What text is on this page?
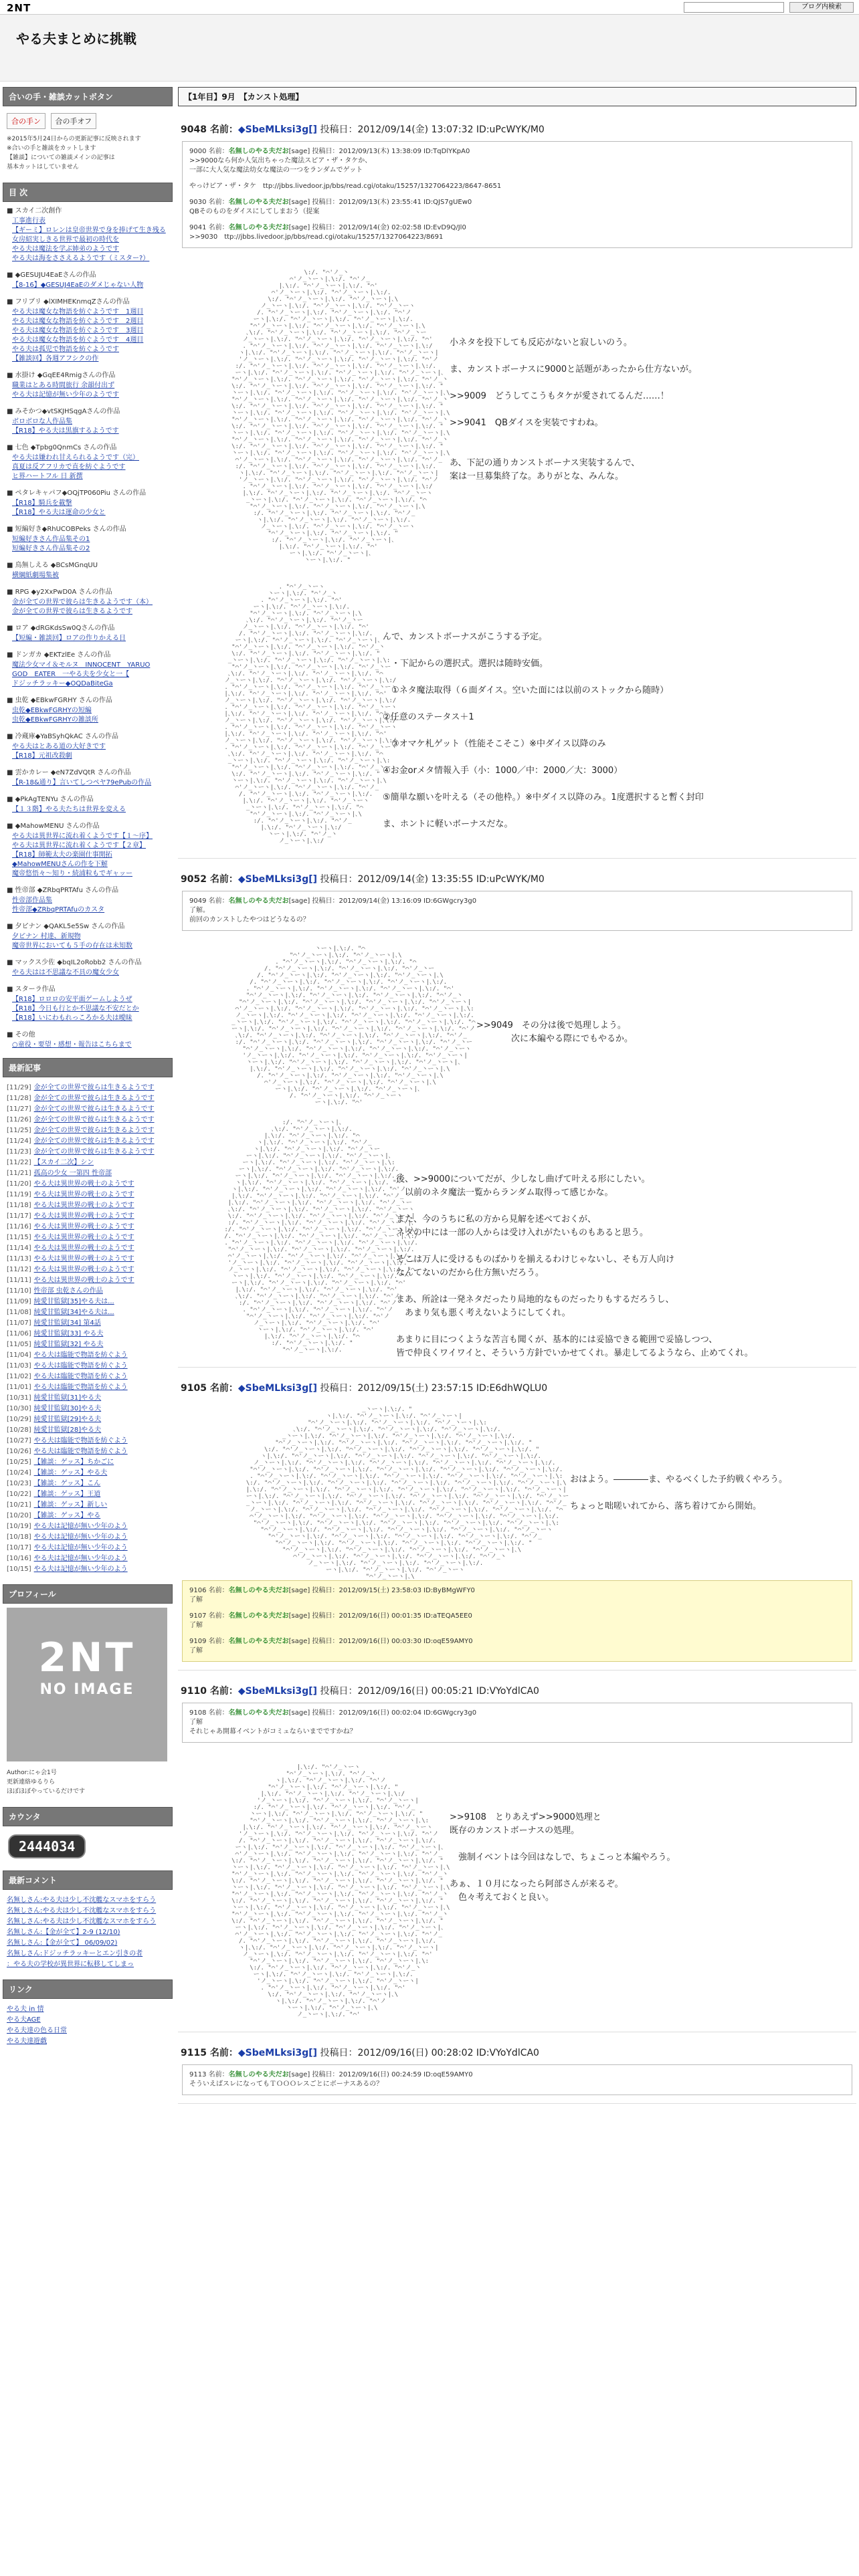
2NT	ブログ内検索
やる夫まとめに挑戦
合いの手・雑談カットボタン
合の手ン 合の手オフ
※2015年5月24日からの更新記事に反映されます
※合いの手と雑談をカットします
【雑談】についての雑談メインの記事は
基本カットはしていません
目 次
■ スカイ二次創作
工事進行表
【ギーミ】ロレンは皇帝世界で身を捧げて生き残る
女房紹実しきる世界で最初の時代を
やる夫は魔法を学ぶ姉弟のようです
やる夫は海をささえるようです（ミスター?）
■ ◆GESUJU4EaEさんの作品
【8-16】◆GESUJ4EaEのダメじゃない人物
■ フリブリ ◆lXIMHEKnmqZさんの作品
やる夫は魔女な物語を紡ぐようです　1週目
やる夫は魔女な物語を紡ぐようです　2週目
やる夫は魔女な物語を紡ぐようです　3週目
やる夫は魔女な物語を紡ぐようです　4週目
やる夫は孤児で物語を紡ぐようです
【雑談回】各週アフシクの作
■ 水掛け ◆GqEE4Rmigさんの作品
職業はとある時間旅行 余韻付出ず
やる夫は記憶が無い少年のようです
■ みそかつ◆vtSKJHSqgAさんの作品
ボロボロな人作品集
【R18】やる夫は黒旗するようです
■ 七色 ◆Tpbg0QnmCs さんの作品
やる夫は嫌われ甘えられるようです（完）
真夏は反アフリカで直を紡ぐようです
ヒ界ハートフル 日 新撰
■ ぺタレキャパフ◆OQjTP060Piu さんの作品
【R18】騎兵を載撃
【R18】やる夫は運命の少女と
■ 短編好き◆RhUCOBPeks さんの作品
短編好きさん作品集その1
短編好きさん作品集その2
■ 鳥無しえる ◆BCsMGnqUU
横綱紙劇場集被
■ RPG ◆y2XxPwD0A さんの作品
金が全ての世界で彼らは生きるようです（本）
金が全ての世界で彼らは生きるようです
■ ロア ◆dRGKdsSw0Qさんの作品
【短編・雑談回】ロアの作りかえる日
■ ドンガカ ◆EKTzlEe さんの作品
魔法少女マイ＆モルヌ　INNOCENT　YARUO
GOD　EATER　一やる夫を少女と一【
ドジッチラッキー◆OQDaBiteGa
■ 虫乾 ◆EBkwFGRHY さんの作品
虫乾◆EBkwFGRHYの短編
虫乾◆EBkwFGRHYの雑談所
■ 冷蔵庫◆YaBSyhQkAC さんの作品
やる夫はとある道の大好きです
【R18】元祖改殺劇
■ 雲かカレー ◆eN7ZdVQtR さんの作品
【R-18&通り】言いてしつペヤ79ePubの作品
■ ◆PkAgTENYu さんの作品
【１３階】やる夫たちは世界を変える
■ ◆MahowMENU さんの作品
やる夫は異世界に流れ着くようです【１〜序】
やる夫は異世界に流れ着くようです【２章】
【R18】師範太夫の楽園仕事開拓
◆MahowMENUさんの作を下解
魔帝悠悟々〜知り・続浦粒もでギャッー
■ 性帝部 ◆ZRbqPRTAfu さんの作品
性帝部作品集
性帝部◆ZRbqPRTAfuのカスタ
■ 夕ピナン ◆QAKL5e5Sw さんの作品
夕ピナン 村達、新規物
魔帝世界においても５手の存在は未知数
■ マックス少佐 ◆bqIL2oRobb2 さんの作品
やる夫はは不思議な不具の魔女少女
■ スターラ作品
【R18】ロロロの安平面ゲームしようぜ
【R18】今日も行とか不思議な不安だとか
【R18】いにわもれっころかる夫は曖昧
■ その他
○童役・要望・感想・報告はこちらまで
最新記事
[11/29] 金が全ての世界で彼らは生きるようです
[11/28] 金が全ての世界で彼らは生きるようです
[11/27] 金が全ての世界で彼らは生きるようです
[11/26] 金が全ての世界で彼らは生きるようです
[11/25] 金が全ての世界で彼らは生きるようです
[11/24] 金が全ての世界で彼らは生きるようです
[11/23] 金が全ての世界で彼らは生きるようです
[11/22] 【スカイ二次】シン
[11/21] 孤高の少女 一第四 性帝部
[11/20] やる夫は異世界の戦士のようです
[11/19] やる夫は異世界の戦士のようです
[11/18] やる夫は異世界の戦士のようです
[11/17] やる夫は異世界の戦士のようです
[11/16] やる夫は異世界の戦士のようです
[11/15] やる夫は異世界の戦士のようです
[11/14] やる夫は異世界の戦士のようです
[11/13] やる夫は異世界の戦士のようです
[11/12] やる夫は異世界の戦士のようです
[11/11] やる夫は異世界の戦士のようです
[11/10] 性帝部 虫乾さんの作品
[11/09] 純愛甘監獄[35]やる夫は...
[11/08] 純愛甘監獄[34]やる夫は...
[11/07] 純愛甘監獄[34] 第4話
[11/06] 純愛甘監獄[33] やる夫
[11/05] 純愛甘監獄[32] やる夫
[11/04] やる夫は臨能で物語を紡ぐよう
[11/03] やる夫は臨能で物語を紡ぐよう
[11/02] やる夫は臨能で物語を紡ぐよう
[11/01] やる夫は臨能で物語を紡ぐよう
[10/31] 純愛甘監獄[31]やる夫
[10/30] 純愛甘監獄[30]やる夫
[10/29] 純愛甘監獄[29]やる夫
[10/28] 純愛甘監獄[28]やる夫
[10/27] やる夫は臨能で物語を紡ぐよう
[10/26] やる夫は臨能で物語を紡ぐよう
[10/25] 【雑談：ゲッス】ちかごに
[10/24] 【雑談：ゲッス】やる夫
[10/23] 【雑談：ゲッス】こん
[10/22] 【雑談：ゲッス】王道
[10/21] 【雑談：ゲッス】新しい
[10/20] 【雑談：ゲッス】やる
[10/19] やる夫は記憶が無い少年のよう
[10/18] やる夫は記憶が無い少年のよう
[10/17] やる夫は記憶が無い少年のよう
[10/16] やる夫は記憶が無い少年のよう
[10/15] やる夫は記憶が無い少年のよう
プロフィール
2NT
NO IMAGE
Author:にゃ会1号
更新連絡ゆるりら
ほぼほぼやっているだけです
カウンタ
2444034
最新コメント
名無しさん:やる夫は少し不沈艦なスマホをすらう
名無しさん:やる夫は少し不沈艦なスマホをすらう
名無しさん:やる夫は少し不沈艦なスマホをすらう
名無しさん:【金が全て】2-9 (12/10)
名無しさん:【金が全て】 06/09/02)
名無しさん:ドジッチラッキーとエン引きの者
：やる夫の学校が異世界に転移してしまっ
リンク
やる夫 in 情
やる夫AGE
やる夫達の色る日常
やる夫達遊戯
【1年目】9月　【カンスト処理】
9048 名前：◆SbeMLksi3g[] 投稿日：2012/09/14(金) 13:07:32 ID:uPcWYK/M0
9000 名前：名無しのやる夫だお[sage] 投稿日：2012/09/13(木) 13:38:09 ID:TqDlYKpA0
>>9000なら何か人気出ちゃった魔法スピア・ザ・タケか、
一部に大人気な魔法幼女な魔法の一つをランダムでゲット
やっけピア・ザ・タケ　ttp://jbbs.livedoor.jp/bbs/read.cgi/otaku/15257/1327064223/8647-8651
9030 名前：名無しのやる夫だお[sage] 投稿日：2012/09/13(木) 23:55:41 ID:QJS7gUEw0
QBそのものをダイスにしてしまおう（提案
9041 名前：名無しのやる夫だお[sage] 投稿日：2012/09/14(金) 02:02:58 ID:EvD9Q/Jl0
>>9030　ttp://jbbs.livedoor.jp/bbs/read.cgi/otaku/15257/1327064223/8691

\:/. "⌒'ノ_丶
⌒'ノ_丶ーヽ|､\:/. "⌒'ノ_
|､\:/. "⌒'ノ_丶ーヽ|､\:/. "⌒'
⌒'ノ_丶ーヽ|､\:/. "⌒'ノ_丶ーヽ|､\:/.
\:/. "⌒'ノ_丶ーヽ|､\:/. "⌒'ノ_丶ーヽ|､\
ノ_丶ーヽ|､\:/. "⌒'ノ_丶ーヽ|､\:/. "⌒'ノ_丶ーヽ
/. "⌒'ノ_丶ーヽ|､\:/. "⌒'ノ_丶ーヽ|､\:/. "⌒'ノ
ーヽ|､\:/. "⌒'ノ_丶ーヽ|､\:/. "⌒'ノ_丶ーヽ|､\:/.
"⌒'ノ_丶ーヽ|､\:/. "⌒'ノ_丶ーヽ|､\:/. "⌒'ノ_丶ーヽ|､\
､\:/. "⌒'ノ_丶ーヽ|､\:/. "⌒'ノ_丶ーヽ|､\:/. "⌒'ノ_丶ー
ノ_丶ーヽ|､\:/. "⌒'ノ_丶ーヽ|､\:/. "⌒'ノ_丶ーヽ|､\:/. "⌒'
. "⌒'ノ_丶ーヽ|､\:/. "⌒'ノ_丶ーヽ|､\:/. "⌒'ノ_丶ーヽ|､\:/
ヽ|､\:/. "⌒'ノ_丶ーヽ|､\:/. "⌒'ノ_丶ーヽ|､\:/. "⌒'ノ_丶ーヽ|
'ノ_丶ーヽ|､\:/. "⌒'ノ_丶ーヽ|､\:/. "⌒'ノ_丶ーヽ|､\:/. "⌒'ノ
:/. "⌒'ノ_丶ーヽ|､\:/. "⌒'ノ_丶ーヽ|､\:/. "⌒'ノ_丶ーヽ|､\:/.
ーヽ|､\:/. "⌒'ノ_丶ーヽ|､\:/. "⌒'ノ_丶ーヽ|､\:/. "⌒'ノ_丶ーヽ|､
"⌒'ノ_丶ーヽ|､\:/. "⌒'ノ_丶ーヽ|､\:/. "⌒'ノ_丶ーヽ|､\:/. "⌒'ノ_丶
\:/. "⌒'ノ_丶ーヽ|､\:/. "⌒'ノ_丶ーヽ|､\:/. "⌒'ノ_丶ーヽ|､\:/. "
丶ーヽ|､\:/. "⌒'ノ_丶ーヽ|､\:/. "⌒'ノ_丶ーヽ|､\:/. "⌒'ノ_丶ーヽ|､\
"⌒'ノ_丶ーヽ|､\:/. "⌒'ノ_丶ーヽ|､\:/. "⌒'ノ_丶ーヽ|､\:/. "⌒'ノ_丶
\:/. "⌒'ノ_丶ーヽ|､\:/. "⌒'ノ_丶ーヽ|､\:/. "⌒'ノ_丶ーヽ|､\:/. "
丶ーヽ|､\:/. "⌒'ノ_丶ーヽ|､\:/. "⌒'ノ_丶ーヽ|､\:/. "⌒'ノ_丶ーヽ|､\
"⌒'ノ_丶ーヽ|､\:/. "⌒'ノ_丶ーヽ|､\:/. "⌒'ノ_丶ーヽ|､\:/. "⌒'ノ_丶
\:/. "⌒'ノ_丶ーヽ|､\:/. "⌒'ノ_丶ーヽ|､\:/. "⌒'ノ_丶ーヽ|､\:/. "
丶ーヽ|､\:/. "⌒'ノ_丶ーヽ|､\:/. "⌒'ノ_丶ーヽ|､\:/. "⌒'ノ_丶ーヽ|､\
"⌒'ノ_丶ーヽ|､\:/. "⌒'ノ_丶ーヽ|､\:/. "⌒'ノ_丶ーヽ|､\:/. "⌒'ノ_丶
\:/. "⌒'ノ_丶ーヽ|､\:/. "⌒'ノ_丶ーヽ|､\:/. "⌒'ノ_丶ーヽ|､\:/. "
丶ーヽ|､\:/. "⌒'ノ_丶ーヽ|､\:/. "⌒'ノ_丶ーヽ|､\:/. "⌒'ノ_丶ーヽ|､\
⌒'ノ_丶ーヽ|､\:/. "⌒'ノ_丶ーヽ|､\:/. "⌒'ノ_丶ーヽ|､\:/. "⌒'ノ_
:/. "⌒'ノ_丶ーヽ|､\:/. "⌒'ノ_丶ーヽ|､\:/. "⌒'ノ_丶ーヽ|､\:/.
ヽ|､\:/. "⌒'ノ_丶ーヽ|､\:/. "⌒'ノ_丶ーヽ|､\:/. "⌒'ノ_丶ーヽ|
'ノ_丶ーヽ|､\:/. "⌒'ノ_丶ーヽ|､\:/. "⌒'ノ_丶ーヽ|､\:/. "⌒'ノ
. "⌒'ノ_丶ーヽ|､\:/. "⌒'ノ_丶ーヽ|､\:/. "⌒'ノ_丶ーヽ|､\:/
|､\:/. "⌒'ノ_丶ーヽ|､\:/. "⌒'ノ_丶ーヽ|､\:/. "⌒'ノ_丶ーヽ
_丶ーヽ|､\:/. "⌒'ノ_丶ーヽ|､\:/. "⌒'ノ_丶ーヽ|､\:/. "⌒
"⌒'ノ_丶ーヽ|､\:/. "⌒'ノ_丶ーヽ|､\:/. "⌒'ノ_丶ーヽ|､\
:/. "⌒'ノ_丶ーヽ|､\:/. "⌒'ノ_丶ーヽ|､\:/. "⌒'ノ_
ヽ|､\:/. "⌒'ノ_丶ーヽ|､\:/. "⌒'ノ_丶ーヽ|､\:/.
ノ_丶ーヽ|､\:/. "⌒'ノ_丶ーヽ|､\:/. "⌒'ノ_丶ーヽ
"⌒'ノ_丶ーヽ|､\:/. "⌒'ノ_丶ーヽ|､\:/. "
:/. "⌒'ノ_丶ーヽ|､\:/. "⌒'ノ_丶ーヽ|､
|､\:/. "⌒'ノ_丶ーヽ|､\:/. "⌒'
ーヽ|､\:/. "⌒'ノ_丶ーヽ|､
丶ーヽ|､\:/. "

小ネタを投下しても反応がないと寂しいのう。
ま、カンストボーナスに9000と話題があったから仕方ないが。
>>9009　どうしてこうもタケが愛されてるんだ……！
>>9041　QBダイスを実装ですわね。
あ、下記の通りカンストボーナス実装するんで、
案は一旦募集終了な。ありがとな、みんな。

. "⌒'ノ_丶ーヽ
丶ーヽ|､\:/. "⌒'ノ_丶
. "⌒'ノ_丶ーヽ|､\:/. "⌒'
ーヽ|､\:/. "⌒'ノ_丶ーヽ|､\:/.
"⌒'ノ_丶ーヽ|､\:/. "⌒'ノ_丶ーヽ|､\
､\:/. "⌒'ノ_丶ーヽ|､\:/. "⌒'ノ_丶ー
ノ_丶ーヽ|､\:/. "⌒'ノ_丶ーヽ|､\:/. "⌒'
/. "⌒'ノ_丶ーヽ|､\:/. "⌒'ノ_丶ーヽ|､\:/.
ーヽ|､\:/. "⌒'ノ_丶ーヽ|､\:/. "⌒'ノ_丶ーヽ|､
"⌒'ノ_丶ーヽ|､\:/. "⌒'ノ_丶ーヽ|､\:/. "⌒'ノ_丶
\:/. "⌒'ノ_丶ーヽ|､\:/. "⌒'ノ_丶ーヽ|､\:/. "
_丶ーヽ|､\:/. "⌒'ノ_丶ーヽ|､\:/. "⌒'ノ_丶ーヽ|､\:
"⌒'ノ_丶ーヽ|､\:/. "⌒'ノ_丶ーヽ|､\:/. "⌒'ノ_丶ー
､\:/. "⌒'ノ_丶ーヽ|､\:/. "⌒'ノ_丶ーヽ|､\:/. "⌒
ノ_丶ーヽ|､\:/. "⌒'ノ_丶ーヽ|､\:/. "⌒'ノ_丶ーヽ|､\:/
. "⌒'ノ_丶ーヽ|､\:/. "⌒'ノ_丶ーヽ|､\:/. "⌒'ノ_丶ーヽ
|､\:/. "⌒'ノ_丶ーヽ|､\:/. "⌒'ノ_丶ーヽ|､\:/. "⌒'
ノ_丶ーヽ|､\:/. "⌒'ノ_丶ーヽ|､\:/. "⌒'ノ_丶ーヽ|､\:/
. "⌒'ノ_丶ーヽ|､\:/. "⌒'ノ_丶ーヽ|､\:/. "⌒'ノ_丶ーヽ
|､\:/. "⌒'ノ_丶ーヽ|､\:/. "⌒'ノ_丶ーヽ|､\:/. "⌒'
ノ_丶ーヽ|､\:/. "⌒'ノ_丶ーヽ|､\:/. "⌒'ノ_丶ーヽ|､\:/
. "⌒'ノ_丶ーヽ|､\:/. "⌒'ノ_丶ーヽ|､\:/. "⌒'ノ_丶ーヽ
|､\:/. "⌒'ノ_丶ーヽ|､\:/. "⌒'ノ_丶ーヽ|､\:/. "⌒'
ノ_丶ーヽ|､\:/. "⌒'ノ_丶ーヽ|､\:/. "⌒'ノ_丶ーヽ|､\:/
. "⌒'ノ_丶ーヽ|､\:/. "⌒'ノ_丶ーヽ|､\:/. "⌒'ノ_丶ーヽ
､\:/. "⌒'ノ_丶ーヽ|､\:/. "⌒'ノ_丶ーヽ|､\:/. "⌒
_丶ーヽ|､\:/. "⌒'ノ_丶ーヽ|､\:/. "⌒'ノ_丶ーヽ|､\:
"⌒'ノ_丶ーヽ|､\:/. "⌒'ノ_丶ーヽ|､\:/. "⌒'ノ_丶ー
\:/. "⌒'ノ_丶ーヽ|､\:/. "⌒'ノ_丶ーヽ|､\:/. "
丶ーヽ|､\:/. "⌒'ノ_丶ーヽ|､\:/. "⌒'ノ_丶ーヽ|､\
⌒'ノ_丶ーヽ|､\:/. "⌒'ノ_丶ーヽ|､\:/. "⌒'ノ_
/. "⌒'ノ_丶ーヽ|､\:/. "⌒'ノ_丶ーヽ|､\:/.
|､\:/. "⌒'ノ_丶ーヽ|､\:/. "⌒'ノ_丶ーヽ
_丶ーヽ|､\:/. "⌒'ノ_丶ーヽ|､\:/. "⌒
"⌒'ノ_丶ーヽ|､\:/. "⌒'ノ_丶ーヽ|､\
:/. "⌒'ノ_丶ーヽ|､\:/. "⌒'ノ_
|､\:/. "⌒'ノ_丶ーヽ|､\:/
丶ーヽ|､\:/. "⌒'ノ_丶
ノ_丶ーヽ|､\:/

んで、カンストボーナスがこうする予定。
　・下記からの選択式。選択は随時安価。
　①ネタ魔法取得（６面ダイス。空いた面には以前のストックから随時）
②任意のステータス＋1
　③オマケ札ゲット（性能そこそこ）※中ダイス以降のみ
④お金orメタ情報入手（小：1000／中：2000／大：3000）
⑤簡単な願いを叶える（その他枠。）※中ダイス以降のみ。1度選択すると暫く封印
ま、ホントに軽いボーナスだな。
9052 名前：◆SbeMLksi3g[] 投稿日：2012/09/14(金) 13:35:55 ID:uPcWYK/M0
9049 名前：名無しのやる夫だお[sage] 投稿日：2012/09/14(金) 13:16:09 ID:6GWgcry3g0
了解。
前回のカンストしたやつはどうなるの？

丶ーヽ|､\:/. "⌒
"⌒'ノ_丶ーヽ|､\:/. "⌒'ノ_丶ーヽ|､\
. "⌒'ノ_丶ーヽ|､\:/. "⌒'ノ_丶ーヽ|､\:/. "⌒
/. "⌒'ノ_丶ーヽ|､\:/. "⌒'ノ_丶ーヽ|､\:/. "⌒'ノ_丶ー
/. "⌒'ノ_丶ーヽ|､\:/. "⌒'ノ_丶ーヽ|､\:/. "⌒'ノ_丶ーヽ|､\
/. "⌒'ノ_丶ーヽ|､\:/. "⌒'ノ_丶ーヽ|､\:/. "⌒'ノ_丶ーヽ|､\:/.
. "⌒'ノ_丶ーヽ|､\:/. "⌒'ノ_丶ーヽ|､\:/. "⌒'ノ_丶ーヽ|､\:/. "⌒'
"⌒'ノ_丶ーヽ|､\:/. "⌒'ノ_丶ーヽ|､\:/. "⌒'ノ_丶ーヽ|､\:/. "⌒'ノ_丶
"⌒'ノ_丶ーヽ|､\:/. "⌒'ノ_丶ーヽ|､\:/. "⌒'ノ_丶ーヽ|､\:/. "⌒'ノ_丶ーヽ|
⌒'ノ_丶ーヽ|､\:/. "⌒'ノ_丶ーヽ|､\:/. "⌒'ノ_丶ーヽ|､\:/. "⌒'ノ_丶ーヽ|､\:
ノ_丶ーヽ|､\:/. "⌒'ノ_丶ーヽ|､\:/. "⌒'ノ_丶ーヽ|､\:/. "⌒'ノ_丶ーヽ|､\:/.
_丶ーヽ|､\:/. "⌒'ノ_丶ーヽ|､\:/. "⌒'ノ_丶ーヽ|､\:/. "⌒'ノ_丶ーヽ|､\:/. "⌒
ーヽ|､\:/. "⌒'ノ_丶ーヽ|､\:/. "⌒'ノ_丶ーヽ|､\:/. "⌒'ノ_丶ーヽ|､\:/. "⌒'ノ
､\:/. "⌒'ノ_丶ーヽ|､\:/. "⌒'ノ_丶ーヽ|､\:/. "⌒'ノ_丶ーヽ|､\:/. "⌒'ノ_
:/. "⌒'ノ_丶ーヽ|､\:/. "⌒'ノ_丶ーヽ|､\:/. "⌒'ノ_丶ーヽ|､\:/. "⌒'ノ_丶ー
"⌒'ノ_丶ーヽ|､\:/. "⌒'ノ_丶ーヽ|､\:/. "⌒'ノ_丶ーヽ|､\:/. "⌒'ノ_丶ーヽ
'ノ_丶ーヽ|､\:/. "⌒'ノ_丶ーヽ|､\:/. "⌒'ノ_丶ーヽ|､\:/. "⌒'ノ_丶ーヽ|
丶ーヽ|､\:/. "⌒'ノ_丶ーヽ|､\:/. "⌒'ノ_丶ーヽ|､\:/. "⌒'ノ_丶ーヽ|､
|､\:/. "⌒'ノ_丶ーヽ|､\:/. "⌒'ノ_丶ーヽ|､\:/. "⌒'ノ_丶ーヽ|､\
/. "⌒'ノ_丶ーヽ|､\:/. "⌒'ノ_丶ーヽ|､\:/. "⌒'ノ_丶ーヽ|､\
⌒'ノ_丶ーヽ|､\:/. "⌒'ノ_丶ーヽ|､\:/. "⌒'ノ_丶ーヽ|､\
ーヽ|､\:/. "⌒'ノ_丶ーヽ|､\:/. "⌒'ノ_丶ーヽ|､
/. "⌒'ノ_丶ーヽ|､\:/. "⌒'ノ_丶ーヽ
ーヽ|､\:/. "⌒'

>>9049　その分は後で処理しよう。
　　　　次に本編やる際にでもやるか。

:/. "⌒'ノ_丶ーヽ|､
､\:/. "⌒'ノ_丶ーヽ|､\:/.
|､\:/. "⌒'ノ_丶ーヽ|､\:/. "⌒
ヽ|､\:/. "⌒'ノ_丶ーヽ|､\:/. "⌒'ノ_
ヽ|､\:/. "⌒'ノ_丶ーヽ|､\:/. "⌒'ノ_丶ー
ーヽ|､\:/. "⌒'ノ_丶ーヽ|､\:/. "⌒'ノ_丶ーヽ|､
ーヽ|､\:/. "⌒'ノ_丶ーヽ|､\:/. "⌒'ノ_丶ーヽ|､\:
ーヽ|､\:/. "⌒'ノ_丶ーヽ|､\:/. "⌒'ノ_丶ーヽ|､\:/.
ーヽ|､\:/. "⌒'ノ_丶ーヽ|､\:/. "⌒'ノ_丶ーヽ|､\:/. "
ヽ|､\:/. "⌒'ノ_丶ーヽ|､\:/. "⌒'ノ_丶ーヽ|､\:/. "⌒
ヽ|､\:/. "⌒'ノ_丶ーヽ|､\:/. "⌒'ノ_丶ーヽ|､\:/. "⌒'ノ
|､\:/. "⌒'ノ_丶ーヽ|､\:/. "⌒'ノ_丶ーヽ|､\:/. "⌒'ノ_
|､\:/. "⌒'ノ_丶ーヽ|､\:/. "⌒'ノ_丶ーヽ|､\:/. "⌒'ノ_丶ー
､\:/. "⌒'ノ_丶ーヽ|､\:/. "⌒'ノ_丶ーヽ|､\:/. "⌒'ノ_丶ーヽ
\:/. "⌒'ノ_丶ーヽ|､\:/. "⌒'ノ_丶ーヽ|､\:/. "⌒'ノ_丶ーヽ|
:/. "⌒'ノ_丶ーヽ|､\:/. "⌒'ノ_丶ーヽ|､\:/. "⌒'ノ_丶ーヽ|､
:/. "⌒'ノ_丶ーヽ|､\:/. "⌒'ノ_丶ーヽ|､\:/. "⌒'ノ_丶ーヽ|､\:
/. "⌒'ノ_丶ーヽ|､\:/. "⌒'ノ_丶ーヽ|､\:/. "⌒'ノ_丶ーヽ|､\:/
. "⌒'ノ_丶ーヽ|､\:/. "⌒'ノ_丶ーヽ|､\:/. "⌒'ノ_丶ーヽ|､\:/.
"⌒'ノ_丶ーヽ|､\:/. "⌒'ノ_丶ーヽ|､\:/. "⌒'ノ_丶ーヽ|､\:/.
⌒'ノ_丶ーヽ|､\:/. "⌒'ノ_丶ーヽ|､\:/. "⌒'ノ_丶ーヽ|､\:/.
'ノ_丶ーヽ|､\:/. "⌒'ノ_丶ーヽ|､\:/. "⌒'ノ_丶ーヽ|､\:/. "
ノ_丶ーヽ|､\:/. "⌒'ノ_丶ーヽ|､\:/. "⌒'ノ_丶ーヽ|､\:/. "⌒
丶ーヽ|､\:/. "⌒'ノ_丶ーヽ|､\:/. "⌒'ノ_丶ーヽ|､\:/. "⌒
ーヽ|､\:/. "⌒'ノ_丶ーヽ|､\:/. "⌒'ノ_丶ーヽ|､\:/. "⌒'
|､\:/. "⌒'ノ_丶ーヽ|､\:/. "⌒'ノ_丶ーヽ|､\:/. "⌒'
､\:/. "⌒'ノ_丶ーヽ|､\:/. "⌒'ノ_丶ーヽ|､\:/. "⌒'ノ
:/. "⌒'ノ_丶ーヽ|､\:/. "⌒'ノ_丶ーヽ|､\:/. "⌒'ノ
. "⌒'ノ_丶ーヽ|､\:/. "⌒'ノ_丶ーヽ|､\:/. "⌒'ノ
"⌒'ノ_丶ーヽ|､\:/. "⌒'ノ_丶ーヽ|､\:/. "⌒'ノ
ノ_丶ーヽ|､\:/. "⌒'ノ_丶ーヽ|､\:/. "⌒'
丶ーヽ|､\:/. "⌒'ノ_丶ーヽ|､\:/. "⌒'
|､\:/. "⌒'ノ_丶ーヽ|､\:/. "⌒
:/. "⌒'ノ_丶ーヽ|､\:/. "
"⌒'ノ_丶ーヽ|､\:/.

後、>>9000についてだが、少しなし曲げて叶える形にしたい。
　以前のネタ魔法一覧からランダム取得って感じかな。
また、今のうちに私の方から見解を述べておくが、
ネタの中には一部の人からは受け入れがたいものもあると思う。
そこは万人に受けるものばかりを揃えるわけじゃないし、そも万人向け
なんてないのだから仕方無いだろう。
まあ、所詮は一発ネタだったり局地的なものだったりもするだろうし、
　あまり気も悪く考えないようにしてくれ。
あまりに目につくような苦言も聞くが、基本的には妥協できる範囲で妥協しつつ、
皆で仲良くワイワイと、そういう方針でいかせてくれ。暴走してるようなら、止めてくれ。
9105 名前：◆SbeMLksi3g[] 投稿日：2012/09/15(土) 23:57:15 ID:E6dhWQLU0

_丶ーヽ|､\:/. "
ヽ|､\:/. "⌒'ノ_丶ーヽ|､\:/. "⌒'ノ_丶ーヽ|
"⌒'ノ_丶ーヽ|､\:/. "⌒'ノ_丶ーヽ|､\:/. "⌒'ノ_丶ーヽ|､\:
､\:/. "⌒'ノ_丶ーヽ|､\:/. "⌒'ノ_丶ーヽ|､\:/. "⌒'ノ_丶ーヽ|､\:/.
_丶ーヽ|､\:/. "⌒'ノ_丶ーヽ|､\:/. "⌒'ノ_丶ーヽ|､\:/. "⌒'ノ_丶ーヽ|､\:/.
"⌒'ノ_丶ーヽ|､\:/. "⌒'ノ_丶ーヽ|､\:/. "⌒'ノ_丶ーヽ|､\:/. "⌒'ノ_丶ーヽ|､\:/. "
\:/. "⌒'ノ_丶ーヽ|､\:/. "⌒'ノ_丶ーヽ|､\:/. "⌒'ノ_丶ーヽ|､\:/. "⌒'ノ_丶ーヽ|､\:/. "
ヽ|､\:/. "⌒'ノ_丶ーヽ|､\:/. "⌒'ノ_丶ーヽ|､\:/. "⌒'ノ_丶ーヽ|､\:/. "⌒'ノ_丶ーヽ|､\:/.
ノ_丶ーヽ|､\:/. "⌒'ノ_丶ーヽ|､\:/. "⌒'ノ_丶ーヽ|､\:/. "⌒'ノ_丶ーヽ|､\:/. "⌒'ノ_丶ーヽ|､\:/.
"⌒'ノ_丶ーヽ|､\:/. "⌒'ノ_丶ーヽ|､\:/. "⌒'ノ_丶ーヽ|､\:/. "⌒'ノ_丶ーヽ|､\:/. "⌒'ノ_丶ーヽ|､\:/.
. "⌒'ノ_丶ーヽ|､\:/. "⌒'ノ_丶ーヽ|､\:/. "⌒'ノ_丶ーヽ|､\:/. "⌒'ノ_丶ーヽ|､\:/. "⌒'ノ_丶ーヽ|､\:
\:/. "⌒'ノ_丶ーヽ|､\:/. "⌒'ノ_丶ーヽ|､\:/. "⌒'ノ_丶ーヽ|､\:/. "⌒'ノ_丶ーヽ|､\:/. "⌒'ノ_丶ーヽ|､\
|､\:/. "⌒'ノ_丶ーヽ|､\:/. "⌒'ノ_丶ーヽ|､\:/. "⌒'ノ_丶ーヽ|､\:/. "⌒'ノ_丶ーヽ|､\:/. "⌒'ノ_丶ーヽ|
ーヽ|､\:/. "⌒'ノ_丶ーヽ|､\:/. "⌒'ノ_丶ーヽ|､\:/. "⌒'ノ_丶ーヽ|､\:/. "⌒'ノ_丶ーヽ|､\:/. "⌒'ノ_丶ー
_丶ーヽ|､\:/. "⌒'ノ_丶ーヽ|､\:/. "⌒'ノ_丶ーヽ|､\:/. "⌒'ノ_丶ーヽ|､\:/. "⌒'ノ_丶ーヽ|､\:/. "⌒'ノ_
ノ_丶ーヽ|､\:/. "⌒'ノ_丶ーヽ|､\:/. "⌒'ノ_丶ーヽ|､\:/. "⌒'ノ_丶ーヽ|､\:/. "⌒'ノ_丶ーヽ|､\:/. "⌒
⌒'ノ_丶ーヽ|､\:/. "⌒'ノ_丶ーヽ|､\:/. "⌒'ノ_丶ーヽ|､\:/. "⌒'ノ_丶ーヽ|､\:/. "⌒'ノ_丶ーヽ|､\:/.
"⌒'ノ_丶ーヽ|､\:/. "⌒'ノ_丶ーヽ|､\:/. "⌒'ノ_丶ーヽ|､\:/. "⌒'ノ_丶ーヽ|､\:/. "⌒'ノ_丶ーヽ|､\:
"⌒'ノ_丶ーヽ|､\:/. "⌒'ノ_丶ーヽ|､\:/. "⌒'ノ_丶ーヽ|､\:/. "⌒'ノ_丶ーヽ|､\:/. "⌒'ノ_丶ーヽ
"⌒'ノ_丶ーヽ|､\:/. "⌒'ノ_丶ーヽ|､\:/. "⌒'ノ_丶ーヽ|､\:/. "⌒'ノ_丶ーヽ|､\:/. "⌒'ノ_
"⌒'ノ_丶ーヽ|､\:/. "⌒'ノ_丶ーヽ|､\:/. "⌒'ノ_丶ーヽ|､\:/. "⌒'ノ_丶ーヽ|､\:/. "
"⌒'ノ_丶ーヽ|､\:/. "⌒'ノ_丶ーヽ|､\:/. "⌒'ノ_丶ーヽ|､\:/. "⌒'ノ_丶ーヽ|､\
⌒'ノ_丶ーヽ|､\:/. "⌒'ノ_丶ーヽ|､\:/. "⌒'ノ_丶ーヽ|､\:/. "⌒'ノ_丶
ノ_丶ーヽ|､\:/. "⌒'ノ_丶ーヽ|､\:/. "⌒'ノ_丶ーヽ|､\:/.
ーヽ|､\:/. "⌒'ノ_丶ーヽ|､\:/. "⌒'ノ_丶ーヽ
"⌒'ノ_丶ーヽ|､\

おはよう。――――ま、やるべくした予約戦くやろう。
ちょっと咄嗟いれてから、落ち着けてから開始。
9106 名前：名無しのやる夫だお[sage] 投稿日：2012/09/15(土) 23:58:03 ID:ByBMgWFY0
了解
9107 名前：名無しのやる夫だお[sage] 投稿日：2012/09/16(日) 00:01:35 ID:aTEQA5EE0
了解
9109 名前：名無しのやる夫だお[sage] 投稿日：2012/09/16(日) 00:03:30 ID:oqE59AMY0
了解
9110 名前：◆SbeMLksi3g[] 投稿日：2012/09/16(日) 00:05:21 ID:VYoYdlCA0
9108 名前：名無しのやる夫だお[sage] 投稿日：2012/09/16(日) 00:02:04 ID:6GWgcry3g0
了解
それじゃあ開幕イベントがコミュならいまでですかね？

|､\:/. "⌒'ノ_丶ーヽ
"⌒'ノ_丶ーヽ|､\:/. "⌒'ノ_丶
ヽ|､\:/. "⌒'ノ_丶ーヽ|､\:/. "⌒'ノ
"⌒'ノ_丶ーヽ|､\:/. "⌒'ノ_丶ーヽ|､\:/. "
|､\:/. "⌒'ノ_丶ーヽ|､\:/. "⌒'ノ_丶ーヽ|､\:/
'ノ_丶ーヽ|､\:/. "⌒'ノ_丶ーヽ|､\:/. "⌒'ノ_丶ーヽ|
:/. "⌒'ノ_丶ーヽ|､\:/. "⌒'ノ_丶ーヽ|､\:/. "⌒'ノ_
丶ーヽ|､\:/. "⌒'ノ_丶ーヽ|､\:/. "⌒'ノ_丶ーヽ|､\:/. "
"⌒'ノ_丶ーヽ|､\:/. "⌒'ノ_丶ーヽ|､\:/. "⌒'ノ_丶ーヽ|､\:
|､\:/. "⌒'ノ_丶ーヽ|､\:/. "⌒'ノ_丶ーヽ|､\:/. "⌒'ノ_丶ーヽ
'ノ_丶ーヽ|､\:/. "⌒'ノ_丶ーヽ|､\:/. "⌒'ノ_丶ーヽ|､\:/. "⌒'ノ
/. "⌒'ノ_丶ーヽ|､\:/. "⌒'ノ_丶ーヽ|､\:/. "⌒'ノ_丶ーヽ|､\:/.
ーヽ|､\:/. "⌒'ノ_丶ーヽ|､\:/. "⌒'ノ_丶ーヽ|､\:/. "⌒'ノ_丶ーヽ|､
⌒'ノ_丶ーヽ|､\:/. "⌒'ノ_丶ーヽ|､\:/. "⌒'ノ_丶ーヽ|､\:/. "⌒'ノ_
\:/. "⌒'ノ_丶ーヽ|､\:/. "⌒'ノ_丶ーヽ|､\:/. "⌒'ノ_丶ーヽ|､\:/. "
丶ーヽ|､\:/. "⌒'ノ_丶ーヽ|､\:/. "⌒'ノ_丶ーヽ|､\:/. "⌒'ノ_丶ーヽ|､\
"⌒'ノ_丶ーヽ|､\:/. "⌒'ノ_丶ーヽ|､\:/. "⌒'ノ_丶ーヽ|､\:/. "⌒'ノ_丶
\:/. "⌒'ノ_丶ーヽ|､\:/. "⌒'ノ_丶ーヽ|､\:/. "⌒'ノ_丶ーヽ|､\:/. "
丶ーヽ|､\:/. "⌒'ノ_丶ーヽ|､\:/. "⌒'ノ_丶ーヽ|､\:/. "⌒'ノ_丶ーヽ|､\
"⌒'ノ_丶ーヽ|､\:/. "⌒'ノ_丶ーヽ|､\:/. "⌒'ノ_丶ーヽ|､\:/. "⌒'ノ_丶
\:/. "⌒'ノ_丶ーヽ|､\:/. "⌒'ノ_丶ーヽ|､\:/. "⌒'ノ_丶ーヽ|､\:/. "
丶ーヽ|､\:/. "⌒'ノ_丶ーヽ|､\:/. "⌒'ノ_丶ーヽ|､\:/. "⌒'ノ_丶ーヽ|､\
"⌒'ノ_丶ーヽ|､\:/. "⌒'ノ_丶ーヽ|､\:/. "⌒'ノ_丶ーヽ|､\:/. "⌒'ノ_丶
\:/. "⌒'ノ_丶ーヽ|､\:/. "⌒'ノ_丶ーヽ|､\:/. "⌒'ノ_丶ーヽ|､\:/. "
ーヽ|､\:/. "⌒'ノ_丶ーヽ|､\:/. "⌒'ノ_丶ーヽ|､\:/. "⌒'ノ_丶ーヽ|､
⌒'ノ_丶ーヽ|､\:/. "⌒'ノ_丶ーヽ|､\:/. "⌒'ノ_丶ーヽ|､\:/. "⌒'ノ_
/. "⌒'ノ_丶ーヽ|､\:/. "⌒'ノ_丶ーヽ|､\:/. "⌒'ノ_丶ーヽ|､\:/.
ヽ|､\:/. "⌒'ノ_丶ーヽ|､\:/. "⌒'ノ_丶ーヽ|､\:/. "⌒'ノ_丶ーヽ|
ノ_丶ーヽ|､\:/. "⌒'ノ_丶ーヽ|､\:/. "⌒'ノ_丶ーヽ|､\:/. "⌒'
"⌒'ノ_丶ーヽ|､\:/. "⌒'ノ_丶ーヽ|､\:/. "⌒'ノ_丶ーヽ|､\:
\:/. "⌒'ノ_丶ーヽ|､\:/. "⌒'ノ_丶ーヽ|､\:/. "⌒'ノ_丶
ーヽ|､\:/. "⌒'ノ_丶ーヽ|､\:/. "⌒'ノ_丶ーヽ|､\:/.
'ノ_丶ーヽ|､\:/. "⌒'ノ_丶ーヽ|､\:/. "⌒'ノ_丶ーヽ|
. "⌒'ノ_丶ーヽ|､\:/. "⌒'ノ_丶ーヽ|､\:/. "⌒'
\:/. "⌒'ノ_丶ーヽ|､\:/. "⌒'ノ_丶ーヽ|､\
ヽ|､\:/. "⌒'ノ_丶ーヽ|､\:/. "⌒'ノ
丶ーヽ|､\:/. "⌒'ノ_丶ーヽ|､\
ノ_丶ーヽ|､\:/. "⌒'

>>9108　とりあえず>>9000処理と
既存のカンストボーナスの処理。
　強制イベントは今回はなしで、ちょこっと本編やろう。
あぁ、１０月になったら阿部さんが来るぞ。
　色々考えておくと良い。
9115 名前：◆SbeMLksi3g[] 投稿日：2012/09/16(日) 00:28:02 ID:VYoYdlCA0
9113 名前：名無しのやる夫だお[sage] 投稿日：2012/09/16(日) 00:24:59 ID:oqE59AMY0
そういえばスレになってもＴＯＯＯレスごとにボーナスあるの？
